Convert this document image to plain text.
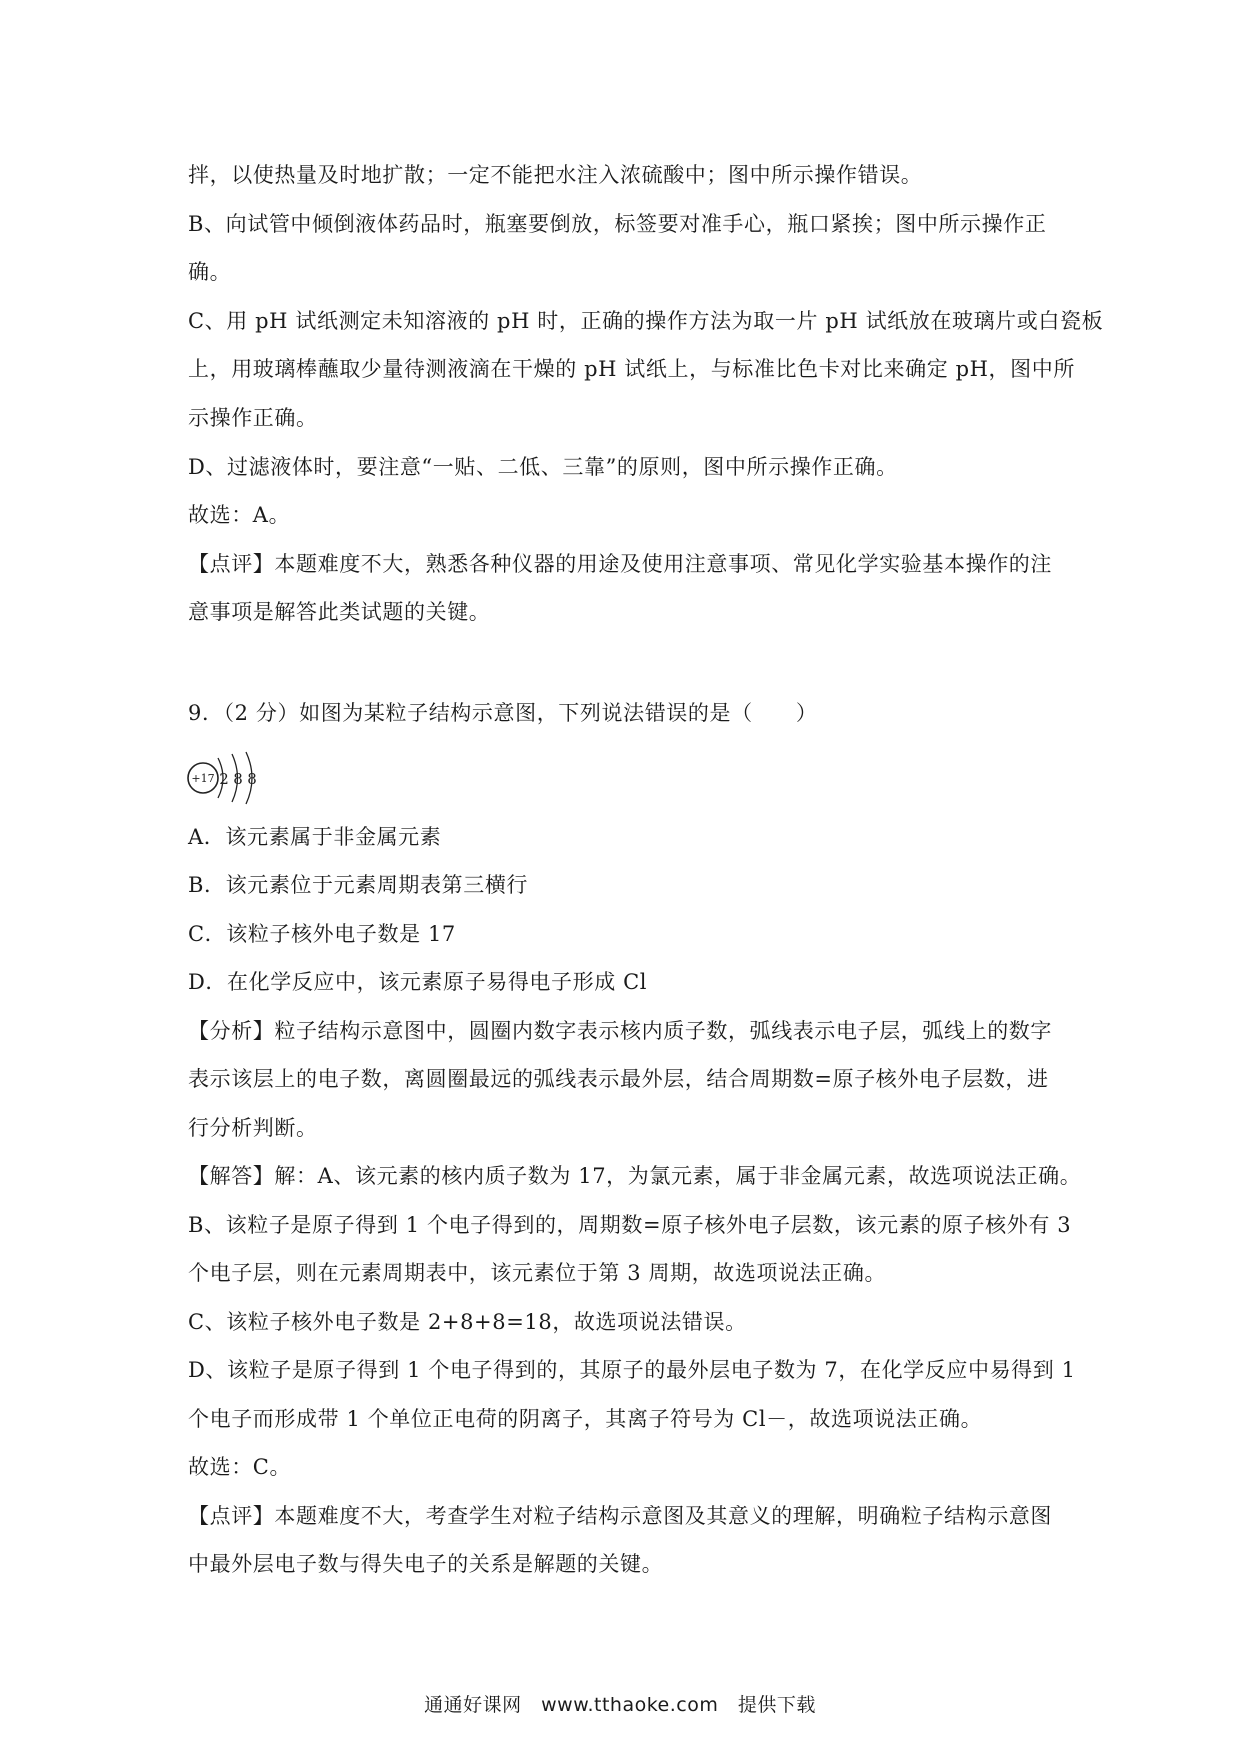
拌，以使热量及时地扩散；一定不能把水注入浓硫酸中；图中所示操作错误。
B、向试管中倾倒液体药品时，瓶塞要倒放，标签要对准手心，瓶口紧挨；图中所示操作正
确。
C、用 pH 试纸测定未知溶液的 pH 时，正确的操作方法为取一片 pH 试纸放在玻璃片或白瓷板
上，用玻璃棒蘸取少量待测液滴在干燥的 pH 试纸上，与标准比色卡对比来确定 pH，图中所
示操作正确。
D、过滤液体时，要注意“一贴、二低、三靠”的原则，图中所示操作正确。
故选：A。
【点评】本题难度不大，熟悉各种仪器的用途及使用注意事项、常见化学实验基本操作的注
意事项是解答此类试题的关键。
9．（2 分）如图为某粒子结构示意图，下列说法错误的是（　　）
+17 2 8 8
A．该元素属于非金属元素
B．该元素位于元素周期表第三横行
C．该粒子核外电子数是 17
D．在化学反应中，该元素原子易得电子形成 Cl
【分析】粒子结构示意图中，圆圈内数字表示核内质子数，弧线表示电子层，弧线上的数字
表示该层上的电子数，离圆圈最远的弧线表示最外层，结合周期数=原子核外电子层数，进
行分析判断。
【解答】解：A、该元素的核内质子数为 17，为氯元素，属于非金属元素，故选项说法正确。
B、该粒子是原子得到 1 个电子得到的，周期数=原子核外电子层数，该元素的原子核外有 3
个电子层，则在元素周期表中，该元素位于第 3 周期，故选项说法正确。
C、该粒子核外电子数是 2+8+8=18，故选项说法错误。
D、该粒子是原子得到 1 个电子得到的，其原子的最外层电子数为 7，在化学反应中易得到 1
个电子而形成带 1 个单位正电荷的阴离子，其离子符号为 Cl－，故选项说法正确。
故选：C。
【点评】本题难度不大，考查学生对粒子结构示意图及其意义的理解，明确粒子结构示意图
中最外层电子数与得失电子的关系是解题的关键。
通通好课网　www.tthaoke.com　提供下载
